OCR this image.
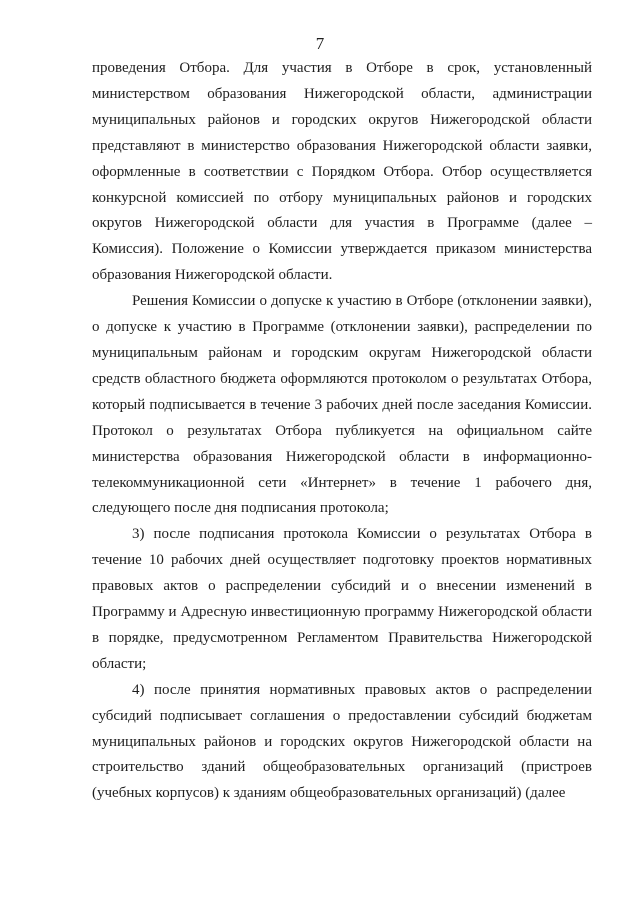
7

проведения Отбора. Для участия в Отборе в срок, установленный министерством образования Нижегородской области, администрации муниципальных районов и городских округов Нижегородской области представляют в министерство образования Нижегородской области заявки, оформленные в соответствии с Порядком Отбора. Отбор осуществляется конкурсной комиссией по отбору муниципальных районов и городских округов Нижегородской области для участия в Программе (далее – Комиссия). Положение о Комиссии утверждается приказом министерства образования Нижегородской области.

Решения Комиссии о допуске к участию в Отборе (отклонении заявки), о допуске к участию в Программе (отклонении заявки), распределении по муниципальным районам и городским округам Нижегородской области средств областного бюджета оформляются протоколом о результатах Отбора, который подписывается в течение 3 рабочих дней после заседания Комиссии. Протокол о результатах Отбора публикуется на официальном сайте министерства образования Нижегородской области в информационно-телекоммуникационной сети «Интернет» в течение 1 рабочего дня, следующего после дня подписания протокола;

3) после подписания протокола Комиссии о результатах Отбора в течение 10 рабочих дней осуществляет подготовку проектов нормативных правовых актов о распределении субсидий и о внесении изменений в Программу и Адресную инвестиционную программу Нижегородской области в порядке, предусмотренном Регламентом Правительства Нижегородской области;

4) после принятия нормативных правовых актов о распределении субсидий подписывает соглашения о предоставлении субсидий бюджетам муниципальных районов и городских округов Нижегородской области на строительство зданий общеобразовательных организаций (пристроев (учебных корпусов) к зданиям общеобразовательных организаций) (далее
